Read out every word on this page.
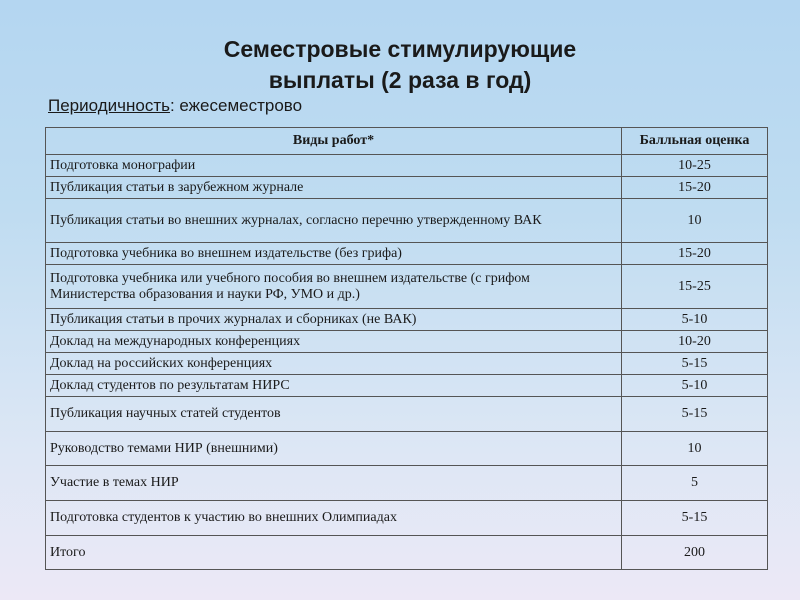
Семестровые стимулирующие
выплаты (2 раза в год)
Периодичность: ежесеместрово
Виды работ*	Балльная оценка
Подготовка монографии	10-25
Публикация статьи в зарубежном журнале	15-20
Публикация статьи во внешних журналах, согласно перечню утвержденному ВАК	10
Подготовка учебника во внешнем издательстве (без грифа)	15-20
Подготовка учебника или учебного пособия во внешнем издательстве (с грифом Министерства образования и науки РФ, УМО и др.)	15-25
Публикация статьи в прочих журналах и сборниках (не ВАК)	5-10
Доклад на международных конференциях	10-20
Доклад на российских конференциях	5-15
Доклад студентов по результатам НИРС	5-10
Публикация научных статей студентов	5-15
Руководство темами НИР (внешними)	10
Участие в темах НИР	5
Подготовка студентов к участию во внешних Олимпиадах	5-15
Итого	200
